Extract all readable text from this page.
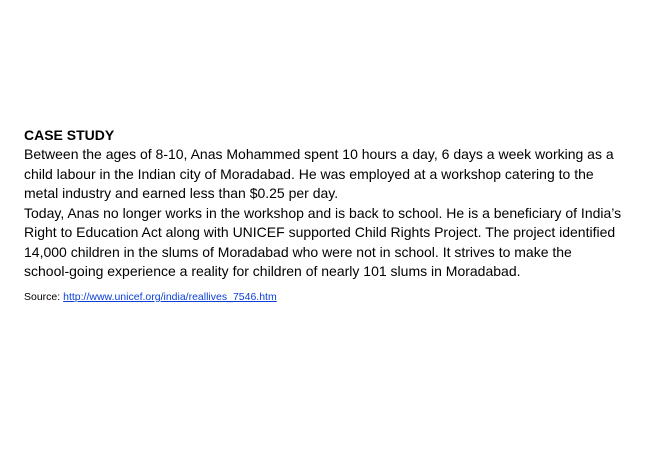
CASE STUDY

Between the ages of 8-10, Anas Mohammed spent 10 hours a day, 6 days a week working as a

child labour in the Indian city of Moradabad. He was employed at a workshop catering to the

metal industry and earned less than $0.25 per day.

Today, Anas no longer works in the workshop and is back to school. He is a beneficiary of India’s

Right to Education Act along with UNICEF supported Child Rights Project. The project identified

14,000 children in the slums of Moradabad who were not in school. It strives to make the

school-going experience a reality for children of nearly 101 slums in Moradabad.

Source: http://www.unicef.org/india/reallives_7546.htm
